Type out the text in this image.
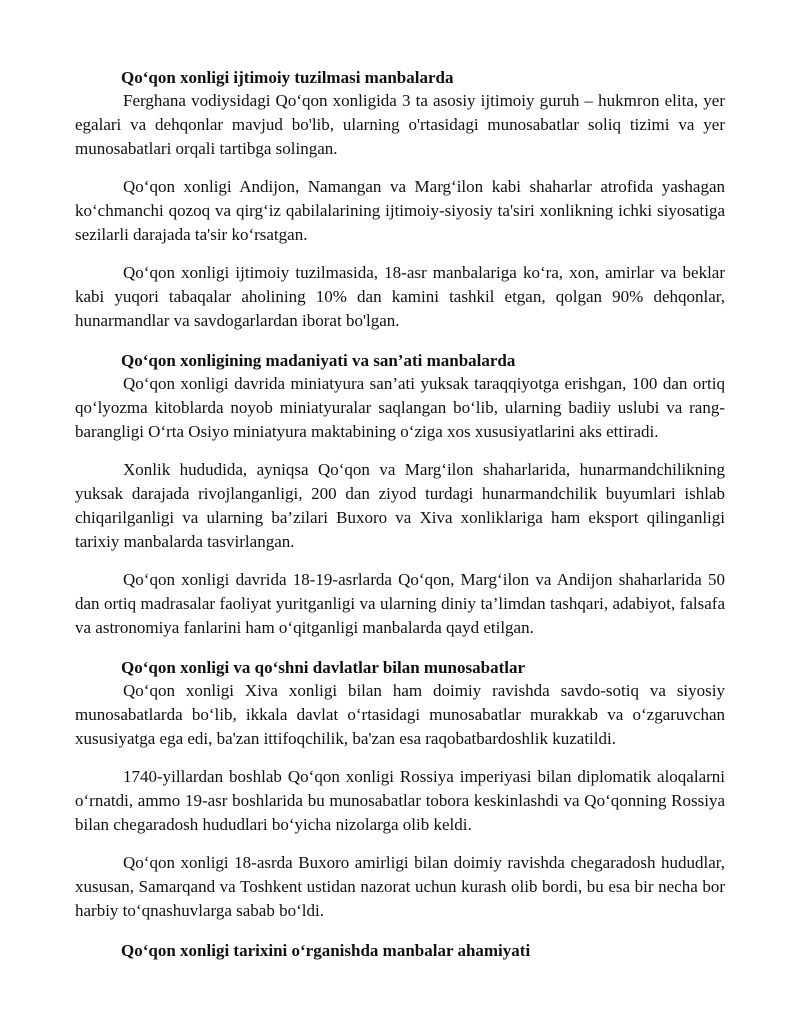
Qo‘qon xonligi ijtimoiy tuzilmasi manbalarda

Ferghana vodiysidagi Qo‘qon xonligida 3 ta asosiy ijtimoiy guruh – hukmron elita, yer egalari va dehqonlar mavjud bo'lib, ularning o'rtasidagi munosabatlar soliq tizimi va yer munosabatlari orqali tartibga solingan.

Qo‘qon xonligi Andijon, Namangan va Marg‘ilon kabi shaharlar atrofida yashagan ko‘chmanchi qozoq va qirg‘iz qabilalarining ijtimoiy-siyosiy ta'siri xonlikning ichki siyosatiga sezilarli darajada ta'sir ko‘rsatgan.

Qo‘qon xonligi ijtimoiy tuzilmasida, 18-asr manbalariga ko‘ra, xon, amirlar va beklar kabi yuqori tabaqalar aholining 10% dan kamini tashkil etgan, qolgan 90% dehqonlar, hunarmandlar va savdogarlardan iborat bo'lgan.

Qo‘qon xonligining madaniyati va san’ati manbalarda

Qo‘qon xonligi davrida miniatyura san’ati yuksak taraqqiyotga erishgan, 100 dan ortiq qo‘lyozma kitoblarda noyob miniatyuralar saqlangan bo‘lib, ularning badiiy uslubi va rang-barangligi O‘rta Osiyo miniatyura maktabining o‘ziga xos xususiyatlarini aks ettiradi.

Xonlik hududida, ayniqsa Qo‘qon va Marg‘ilon shaharlarida, hunarmandchilikning yuksak darajada rivojlanganligi, 200 dan ziyod turdagi hunarmandchilik buyumlari ishlab chiqarilganligi va ularning ba’zilari Buxoro va Xiva xonliklariga ham eksport qilinganligi tarixiy manbalarda tasvirlangan.

Qo‘qon xonligi davrida 18-19-asrlarda Qo‘qon, Marg‘ilon va Andijon shaharlarida 50 dan ortiq madrasalar faoliyat yuritganligi va ularning diniy ta’limdan tashqari, adabiyot, falsafa va astronomiya fanlarini ham o‘qitganligi manbalarda qayd etilgan.

Qo‘qon xonligi va qo‘shni davlatlar bilan munosabatlar

Qo‘qon xonligi Xiva xonligi bilan ham doimiy ravishda savdo-sotiq va siyosiy munosabatlarda bo‘lib, ikkala davlat o‘rtasidagi munosabatlar murakkab va o‘zgaruvchan xususiyatga ega edi, ba'zan ittifoqchilik, ba'zan esa raqobatbardoshlik kuzatildi.

1740-yillardan boshlab Qo‘qon xonligi Rossiya imperiyasi bilan diplomatik aloqalarni o‘rnatdi, ammo 19-asr boshlarida bu munosabatlar tobora keskinlashdi va Qo‘qonning Rossiya bilan chegaradosh hududlari bo‘yicha nizolarga olib keldi.

Qo‘qon xonligi 18-asrda Buxoro amirligi bilan doimiy ravishda chegaradosh hududlar, xususan, Samarqand va Toshkent ustidan nazorat uchun kurash olib bordi, bu esa bir necha bor harbiy to‘qnashuvlarga sabab bo‘ldi.

Qo‘qon xonligi tarixini o‘rganishda manbalar ahamiyati
